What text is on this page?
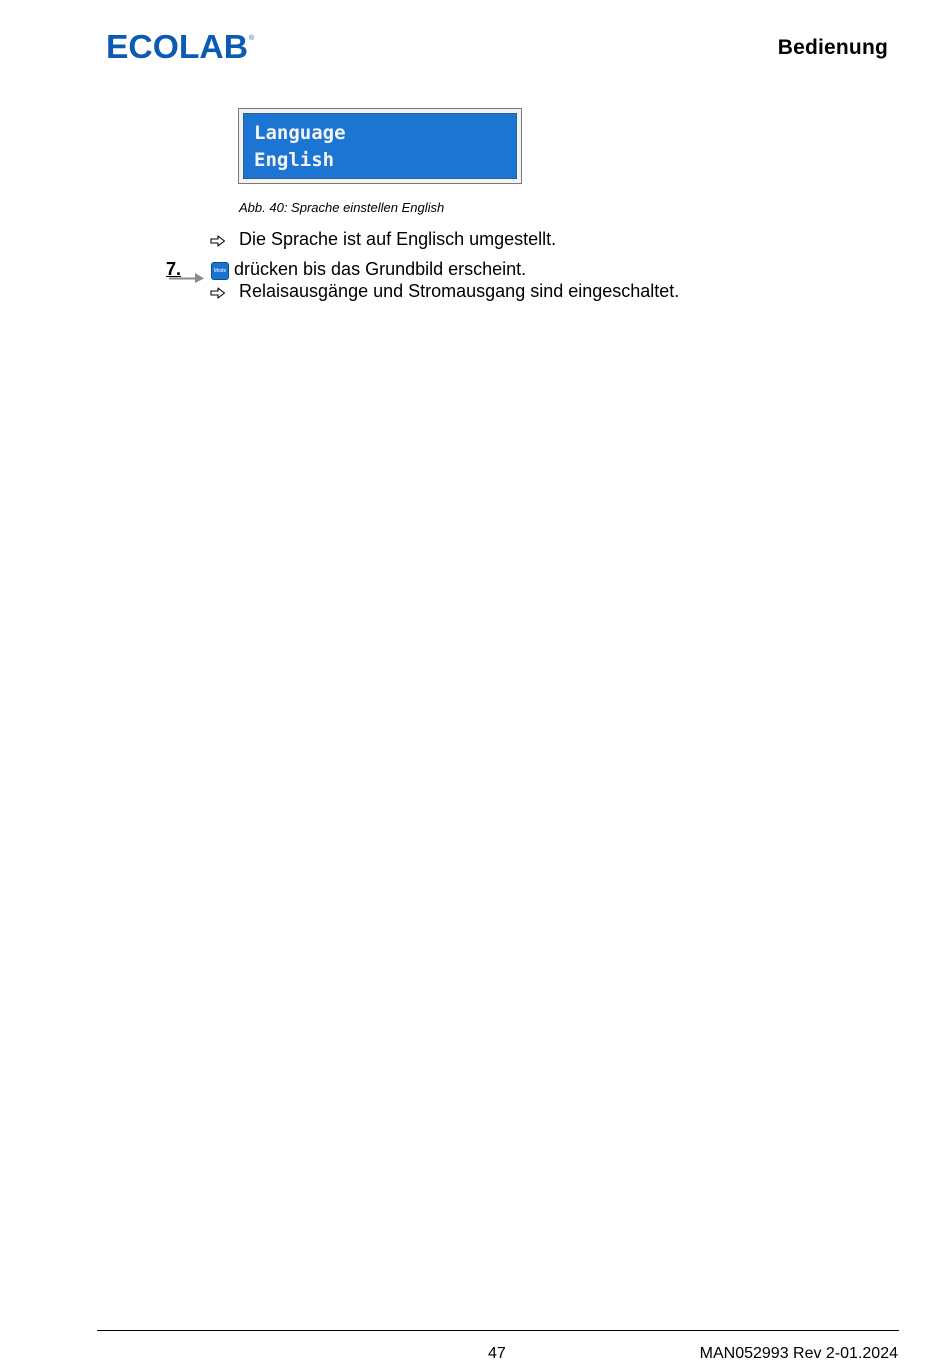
ECOLAB ®	Bedienung
Language
English
Abb. 40: Sprache einstellen English
Die Sprache ist auf Englisch umgestellt.
7.	Mode drücken bis das Grundbild erscheint.
Relaisausgänge und Stromausgang sind eingeschaltet.
47	MAN052993 Rev 2-01.2024
